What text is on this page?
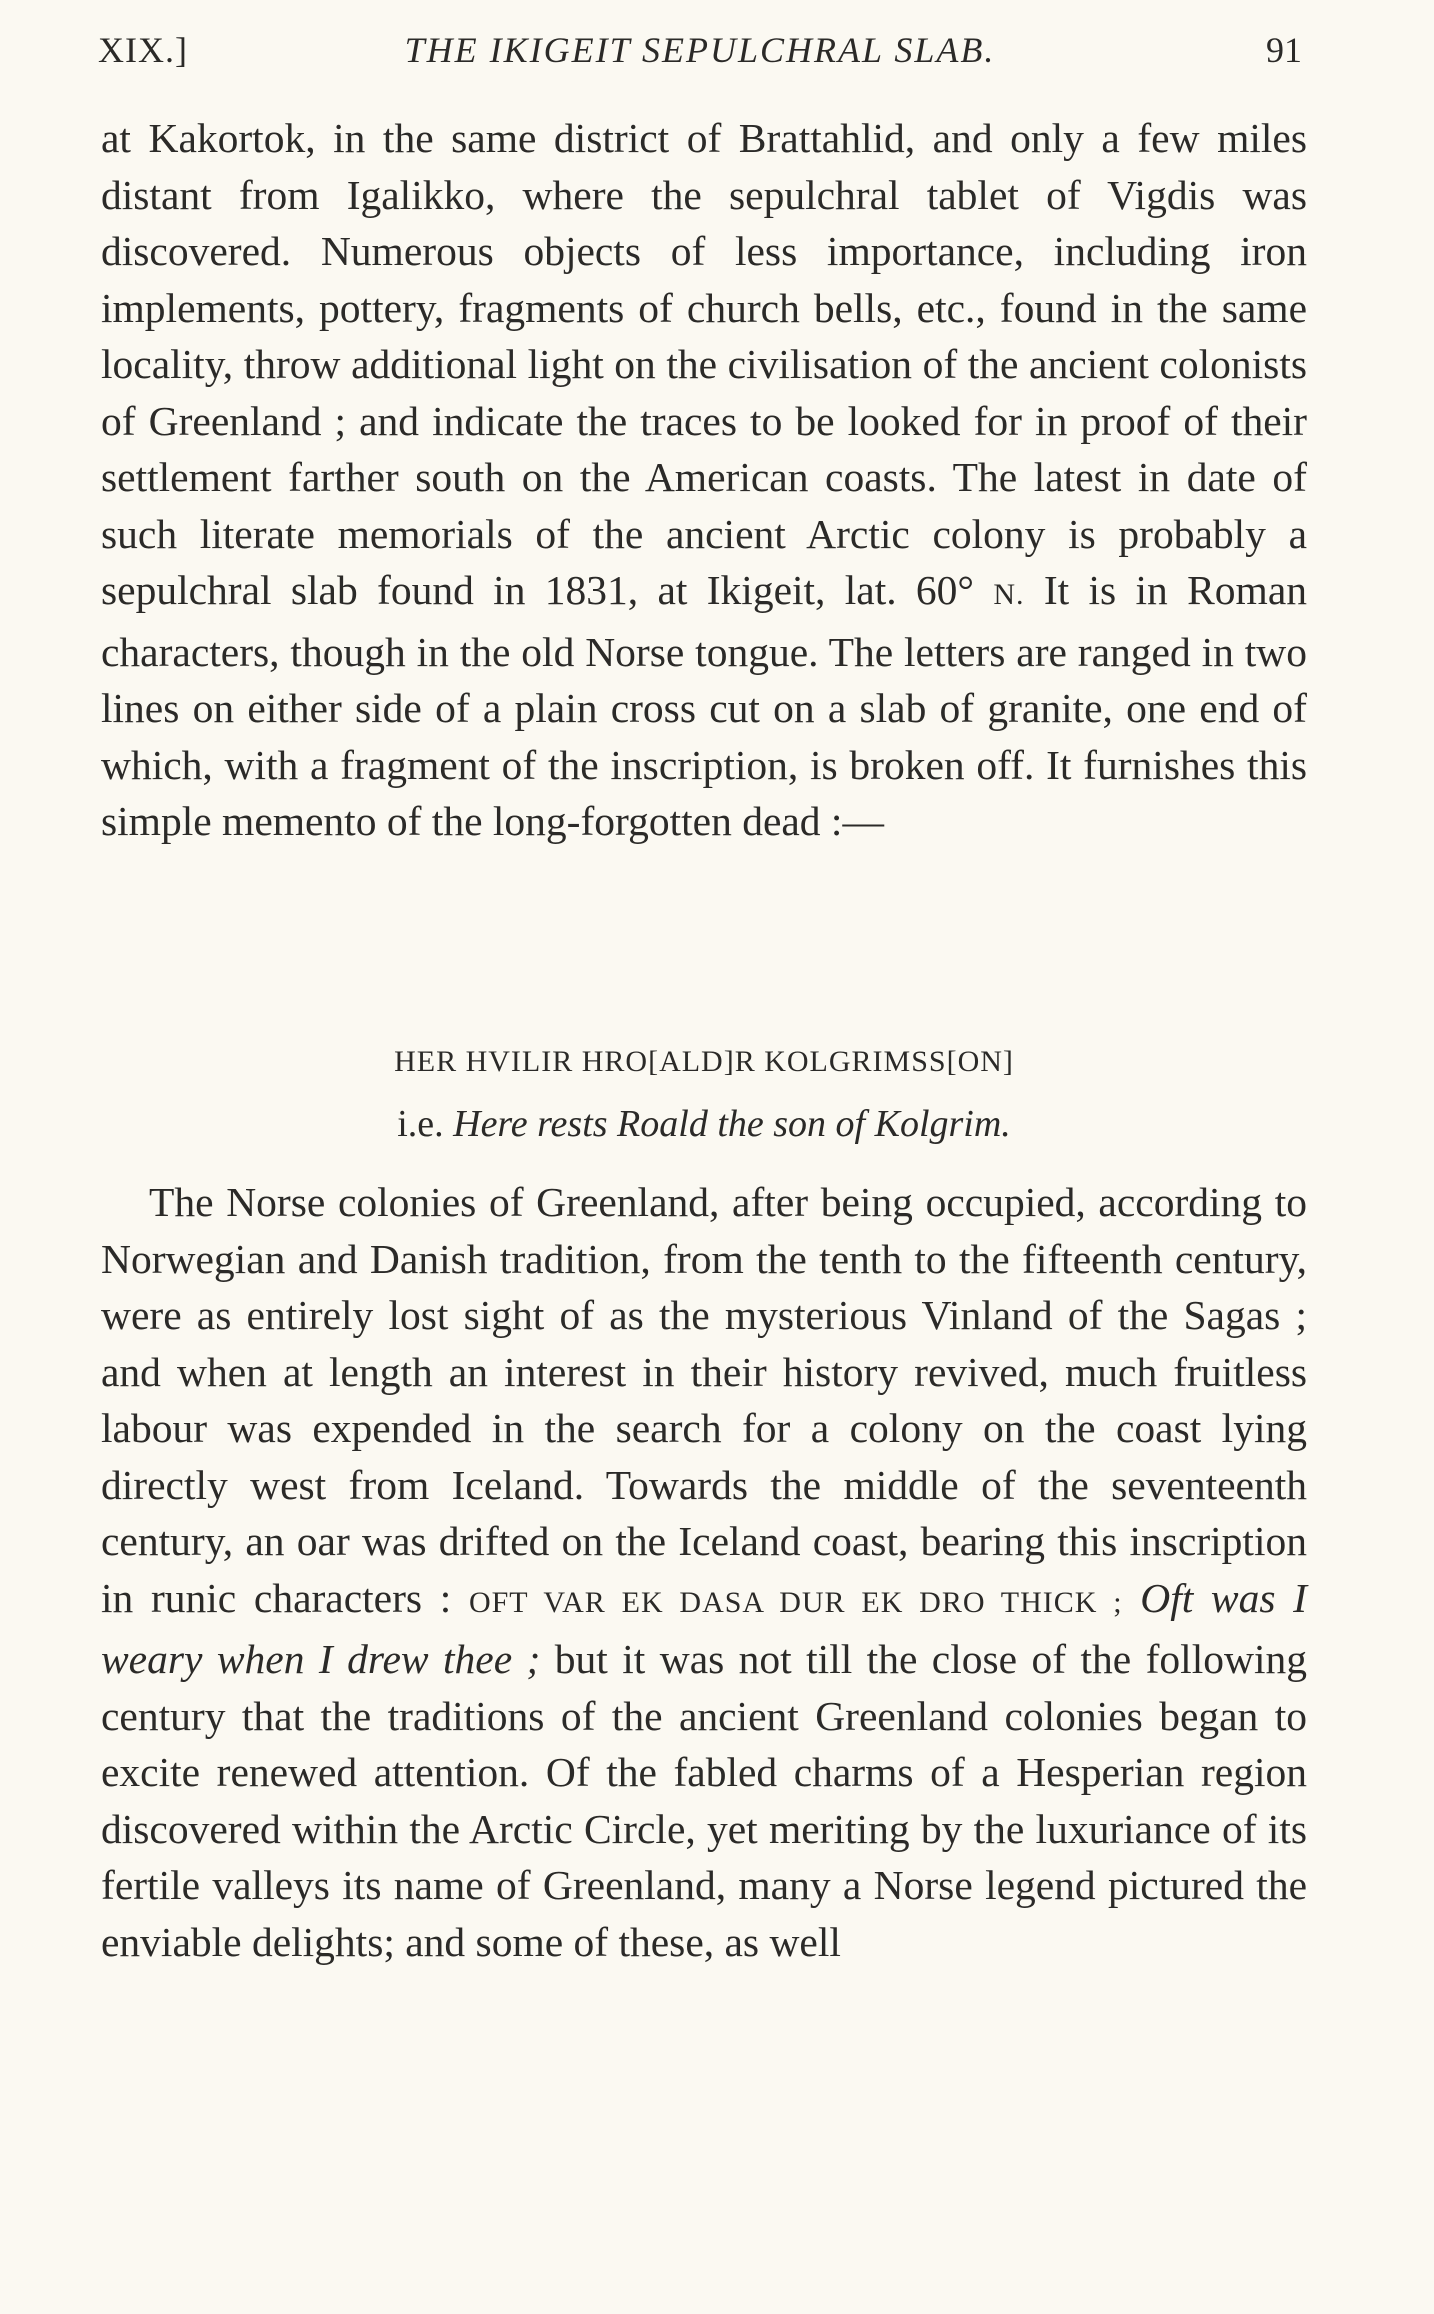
XIX.]	THE IKIGEIT SEPULCHRAL SLAB.	91

at Kakortok, in the same district of Brattahlid, and only a few miles distant from Igalikko, where the sepulchral tablet of Vigdis was discovered. Numerous objects of less importance, including iron implements, pottery, fragments of church bells, etc., found in the same locality, throw additional light on the civilisation of the ancient colonists of Greenland ; and indicate the traces to be looked for in proof of their settlement farther south on the American coasts. The latest in date of such literate memorials of the ancient Arctic colony is probably a sepulchral slab found in 1831, at Ikigeit, lat. 60° N. It is in Roman characters, though in the old Norse tongue. The letters are ranged in two lines on either side of a plain cross cut on a slab of granite, one end of which, with a fragment of the inscription, is broken off. It furnishes this simple memento of the long-forgotten dead :—

HER HVILIR HRO[ALD]R KOLGRIMSS[ON]
i.e. Here rests Roald the son of Kolgrim.

The Norse colonies of Greenland, after being occupied, according to Norwegian and Danish tradition, from the tenth to the fifteenth century, were as entirely lost sight of as the mysterious Vinland of the Sagas ; and when at length an interest in their history revived, much fruitless labour was expended in the search for a colony on the coast lying directly west from Iceland. Towards the middle of the seventeenth century, an oar was drifted on the Iceland coast, bearing this inscription in runic characters : OFT VAR EK DASA DUR EK DRO THICK ; Oft was I weary when I drew thee ; but it was not till the close of the following century that the traditions of the ancient Greenland colonies began to excite renewed attention. Of the fabled charms of a Hesperian region discovered within the Arctic Circle, yet meriting by the luxuriance of its fertile valleys its name of Greenland, many a Norse legend pictured the enviable delights; and some of these, as well
